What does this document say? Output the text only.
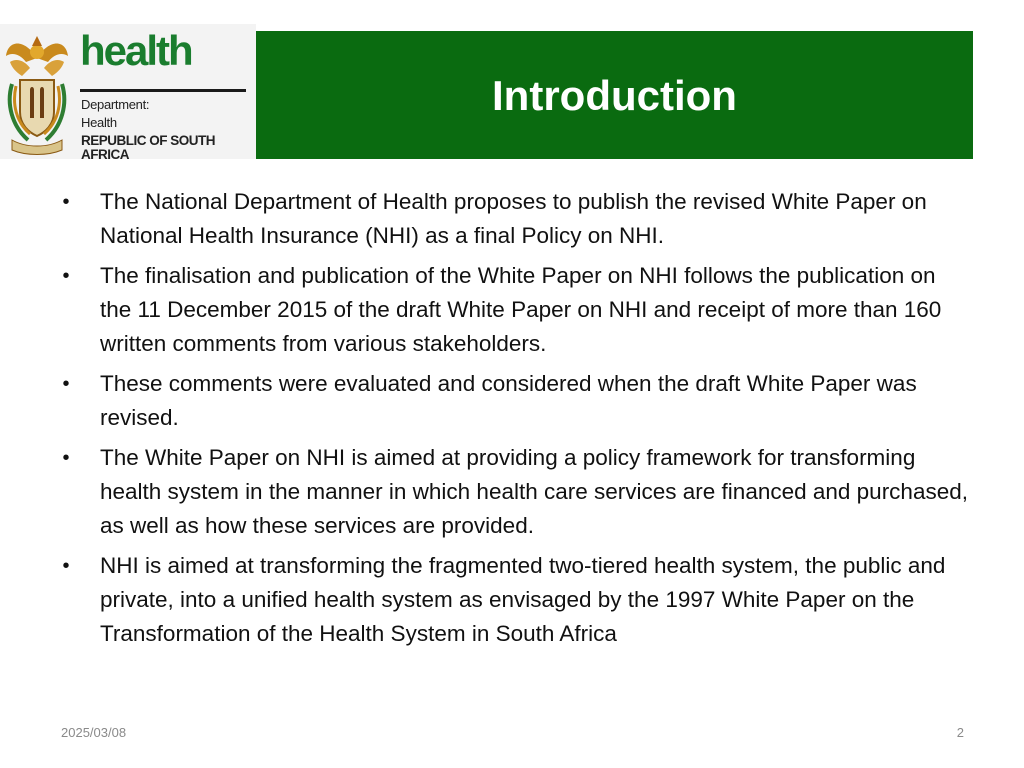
health
Department:
Health
REPUBLIC OF SOUTH AFRICA
Introduction
• The National Department of Health proposes to publish the revised White Paper on National Health Insurance (NHI) as a final Policy on NHI.
• The finalisation and publication of the White Paper on NHI follows the publication on the 11 December 2015 of the draft White Paper on NHI and receipt of more than 160 written comments from various stakeholders.
• These comments were evaluated and considered when the draft White Paper was revised.
• The White Paper on NHI is aimed at providing a policy framework for transforming health system in the manner in which health care services are financed and purchased, as well as how these services are provided.
• NHI is aimed at transforming the fragmented two-tiered health system, the public and private, into a unified health system as envisaged by the 1997 White Paper on the Transformation of the Health System in South Africa
2025/03/08	2
